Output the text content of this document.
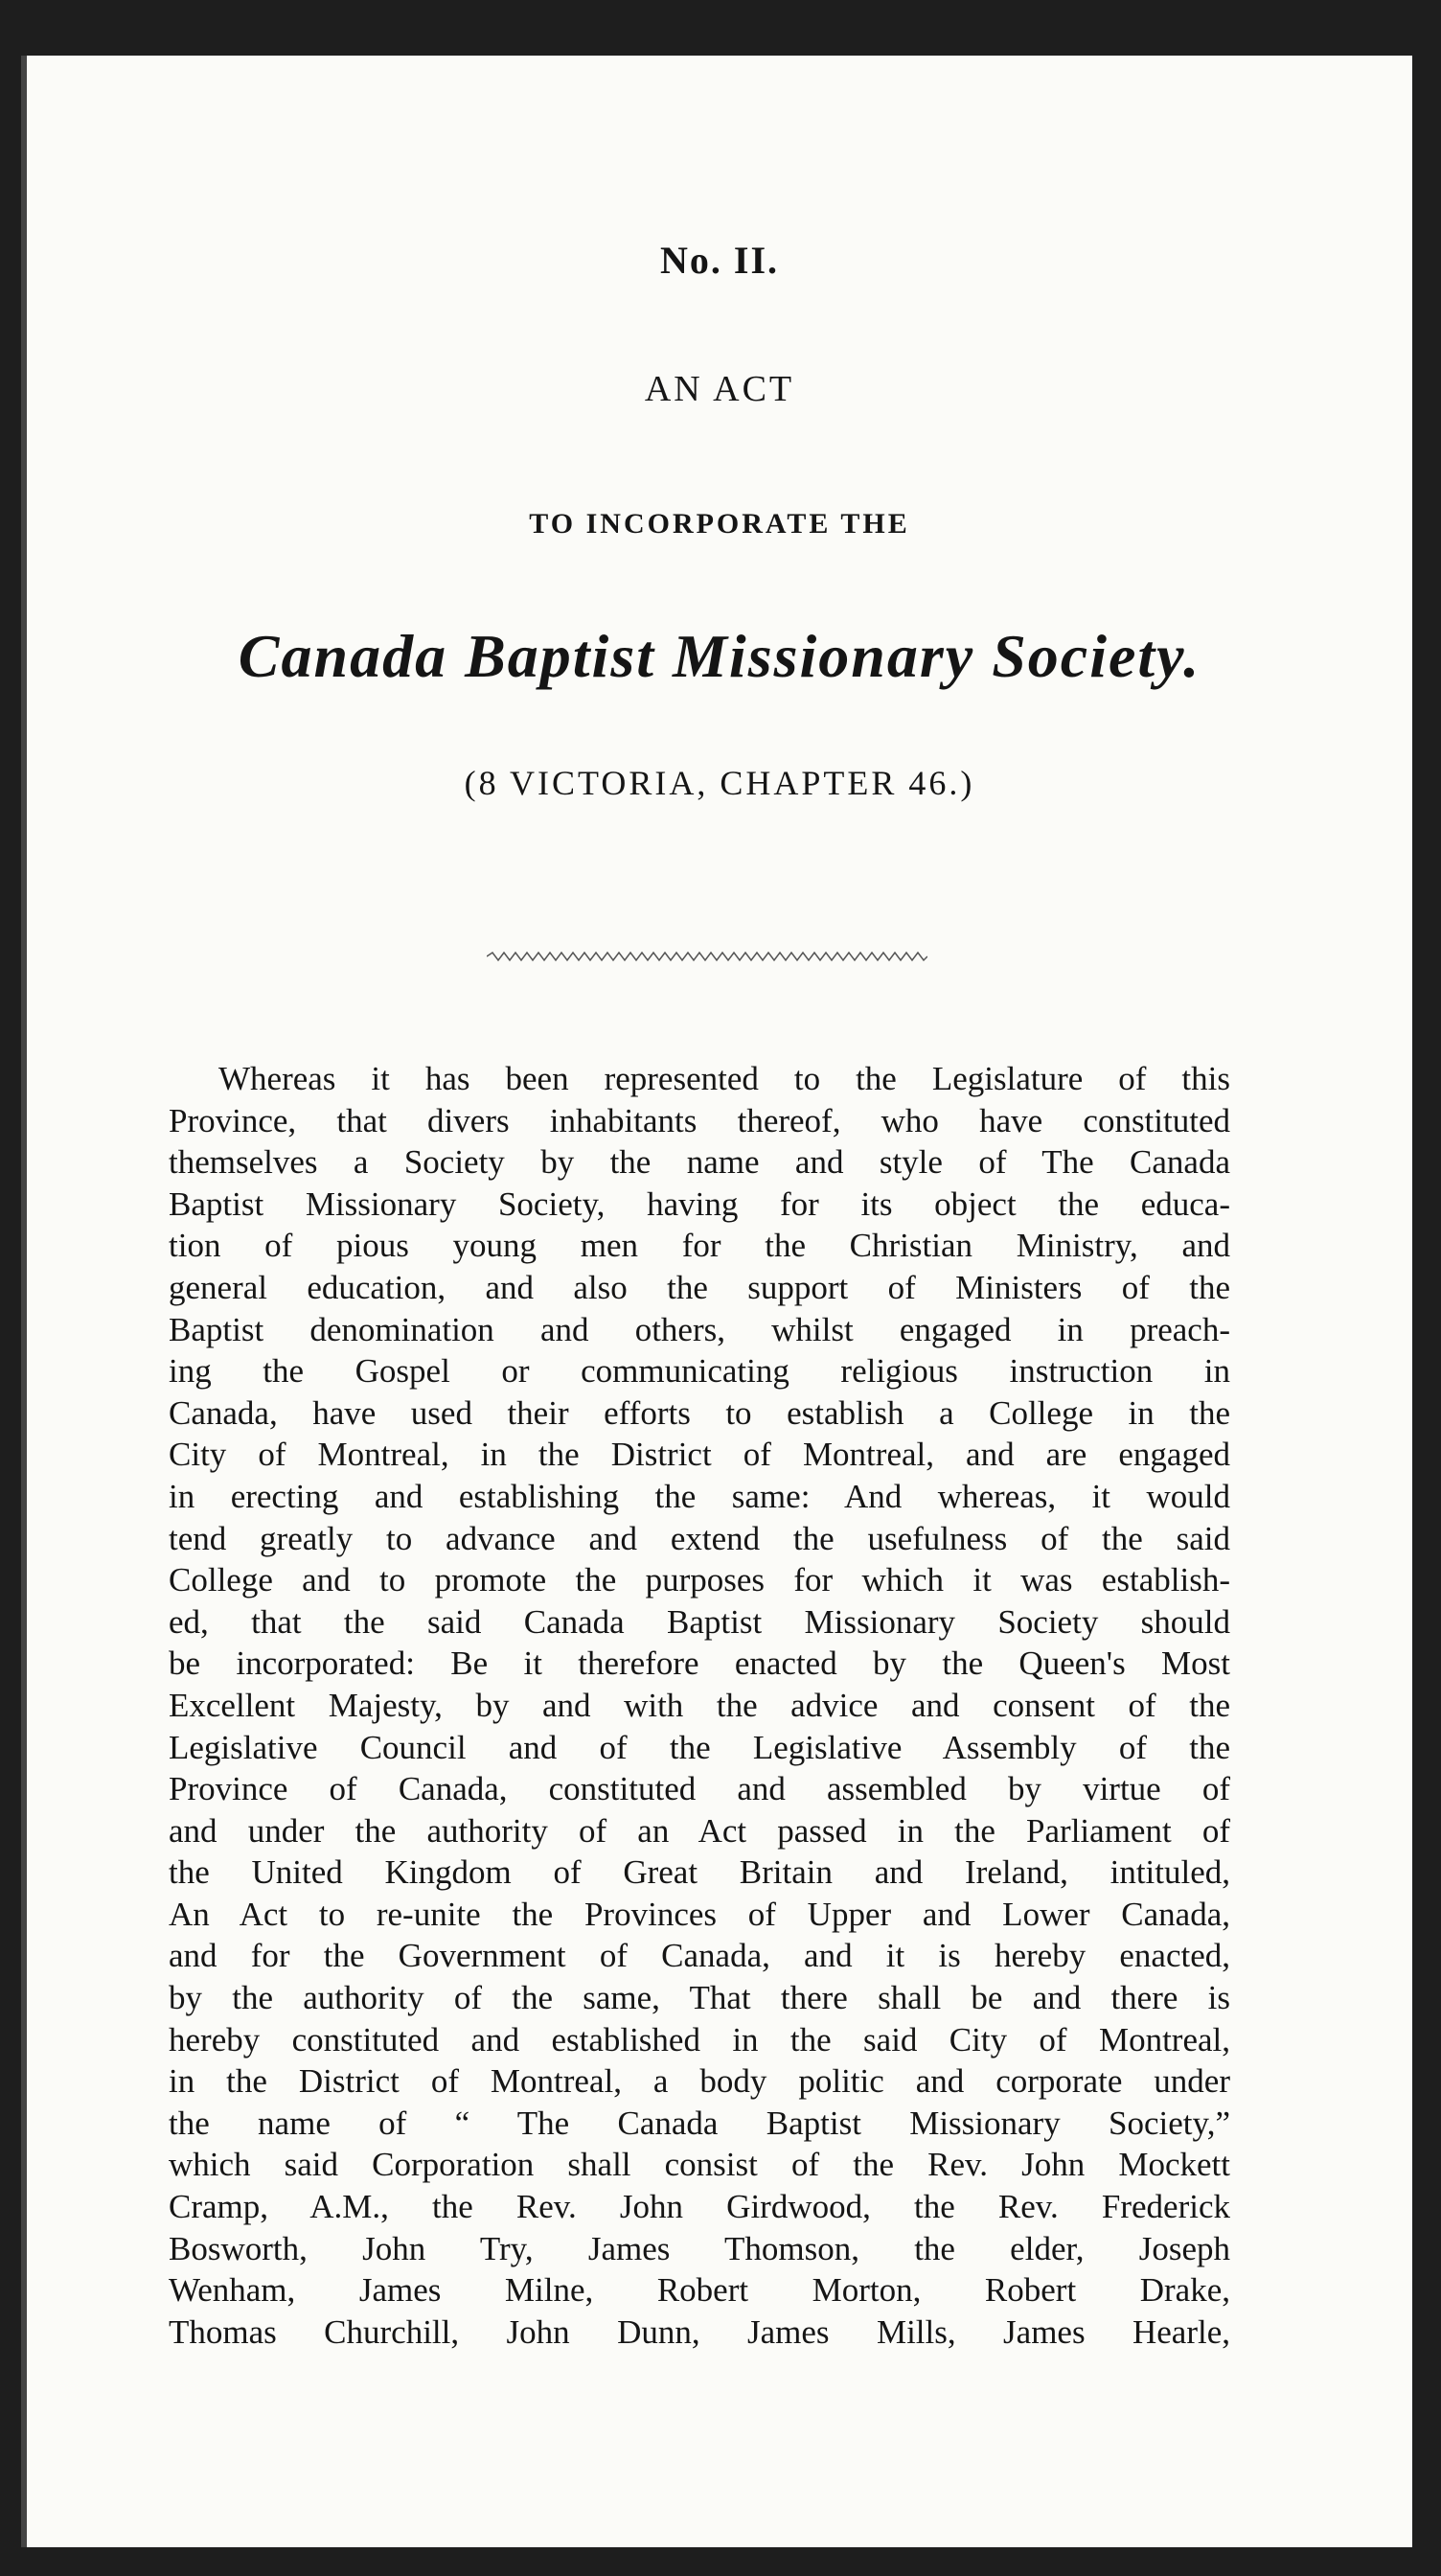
No. II.
AN ACT
TO INCORPORATE THE
Canada Baptist Missionary Society.
(8 VICTORIA, CHAPTER 46.)
Whereas it has been represented to the Legislature of this
Province, that divers inhabitants thereof, who have constituted
themselves a Society by the name and style of The Canada
Baptist Missionary Society, having for its object the educa-
tion of pious young men for the Christian Ministry, and
general education, and also the support of Ministers of the
Baptist denomination and others, whilst engaged in preach-
ing the Gospel or communicating religious instruction in
Canada, have used their efforts to establish a College in the
City of Montreal, in the District of Montreal, and are engaged
in erecting and establishing the same: And whereas, it would
tend greatly to advance and extend the usefulness of the said
College and to promote the purposes for which it was establish-
ed, that the said Canada Baptist Missionary Society should
be incorporated: Be it therefore enacted by the Queen's Most
Excellent Majesty, by and with the advice and consent of the
Legislative Council and of the Legislative Assembly of the
Province of Canada, constituted and assembled by virtue of
and under the authority of an Act passed in the Parliament of
the United Kingdom of Great Britain and Ireland, intituled,
An Act to re-unite the Provinces of Upper and Lower Canada,
and for the Government of Canada, and it is hereby enacted,
by the authority of the same, That there shall be and there is
hereby constituted and established in the said City of Montreal,
in the District of Montreal, a body politic and corporate under
the name of “ The Canada Baptist Missionary Society,”
which said Corporation shall consist of the Rev. John Mockett
Cramp, A.M., the Rev. John Girdwood, the Rev. Frederick
Bosworth, John Try, James Thomson, the elder, Joseph
Wenham, James Milne, Robert Morton, Robert Drake,
Thomas Churchill, John Dunn, James Mills, James Hearle,
